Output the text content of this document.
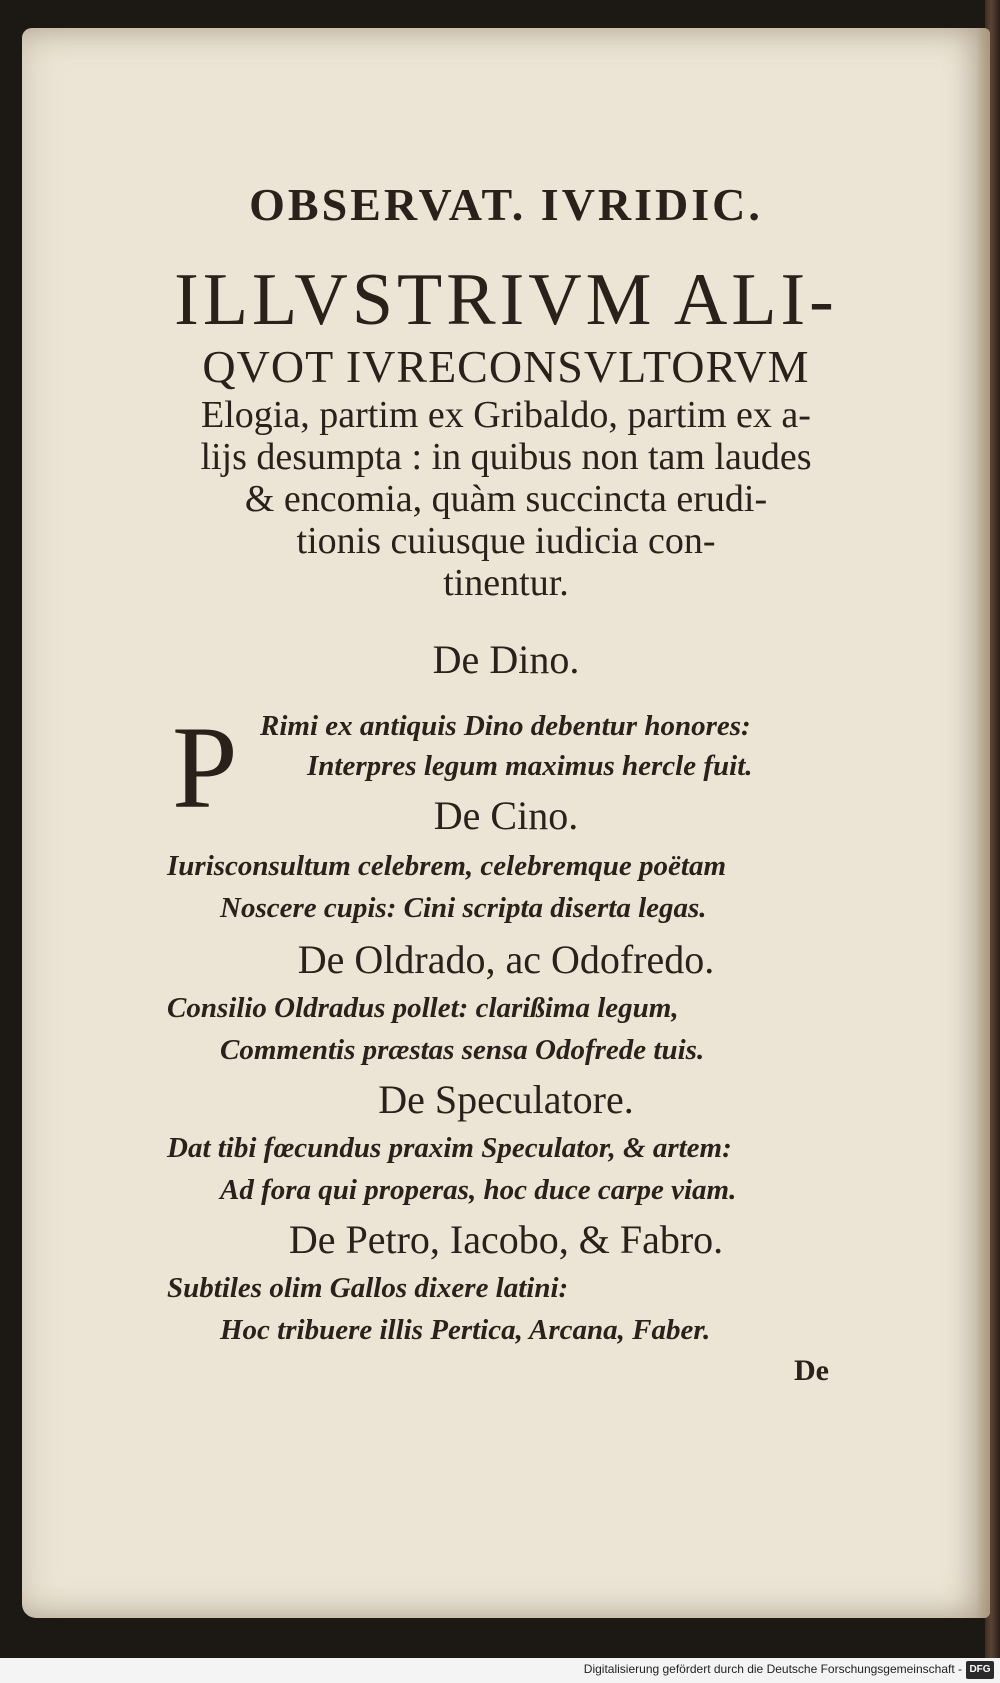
OBSERVAT. IVRIDIC.
ILLVSTRIVM ALI-
QVOT IVRECONSVLTORVM
Elogia, partim ex Gribaldo, partim ex a-
lijs desumpta : in quibus non tam laudes
& encomia, quàm succincta erudi-
tionis cuiusque iudicia con-
tinentur.
De Dino.
P Rimi ex antiquis Dino debentur honores:
Interpres legum maximus hercle fuit.
De Cino.
Iurisconsultum celebrem, celebremque poëtam
Noscere cupis: Cini scripta diserta legas.
De Oldrado, ac Odofredo.
Consilio Oldradus pollet: clarißima legum,
Commentis præstas sensa Odofrede tuis.
De Speculatore.
Dat tibi fœcundus praxim Speculator, & artem:
Ad fora qui properas, hoc duce carpe viam.
De Petro, Iacobo, & Fabro.
Subtiles olim Gallos dixere latini:
Hoc tribuere illis Pertica, Arcana, Faber.
De
Digitalisierung gefördert durch die Deutsche Forschungsgemeinschaft - DFG
